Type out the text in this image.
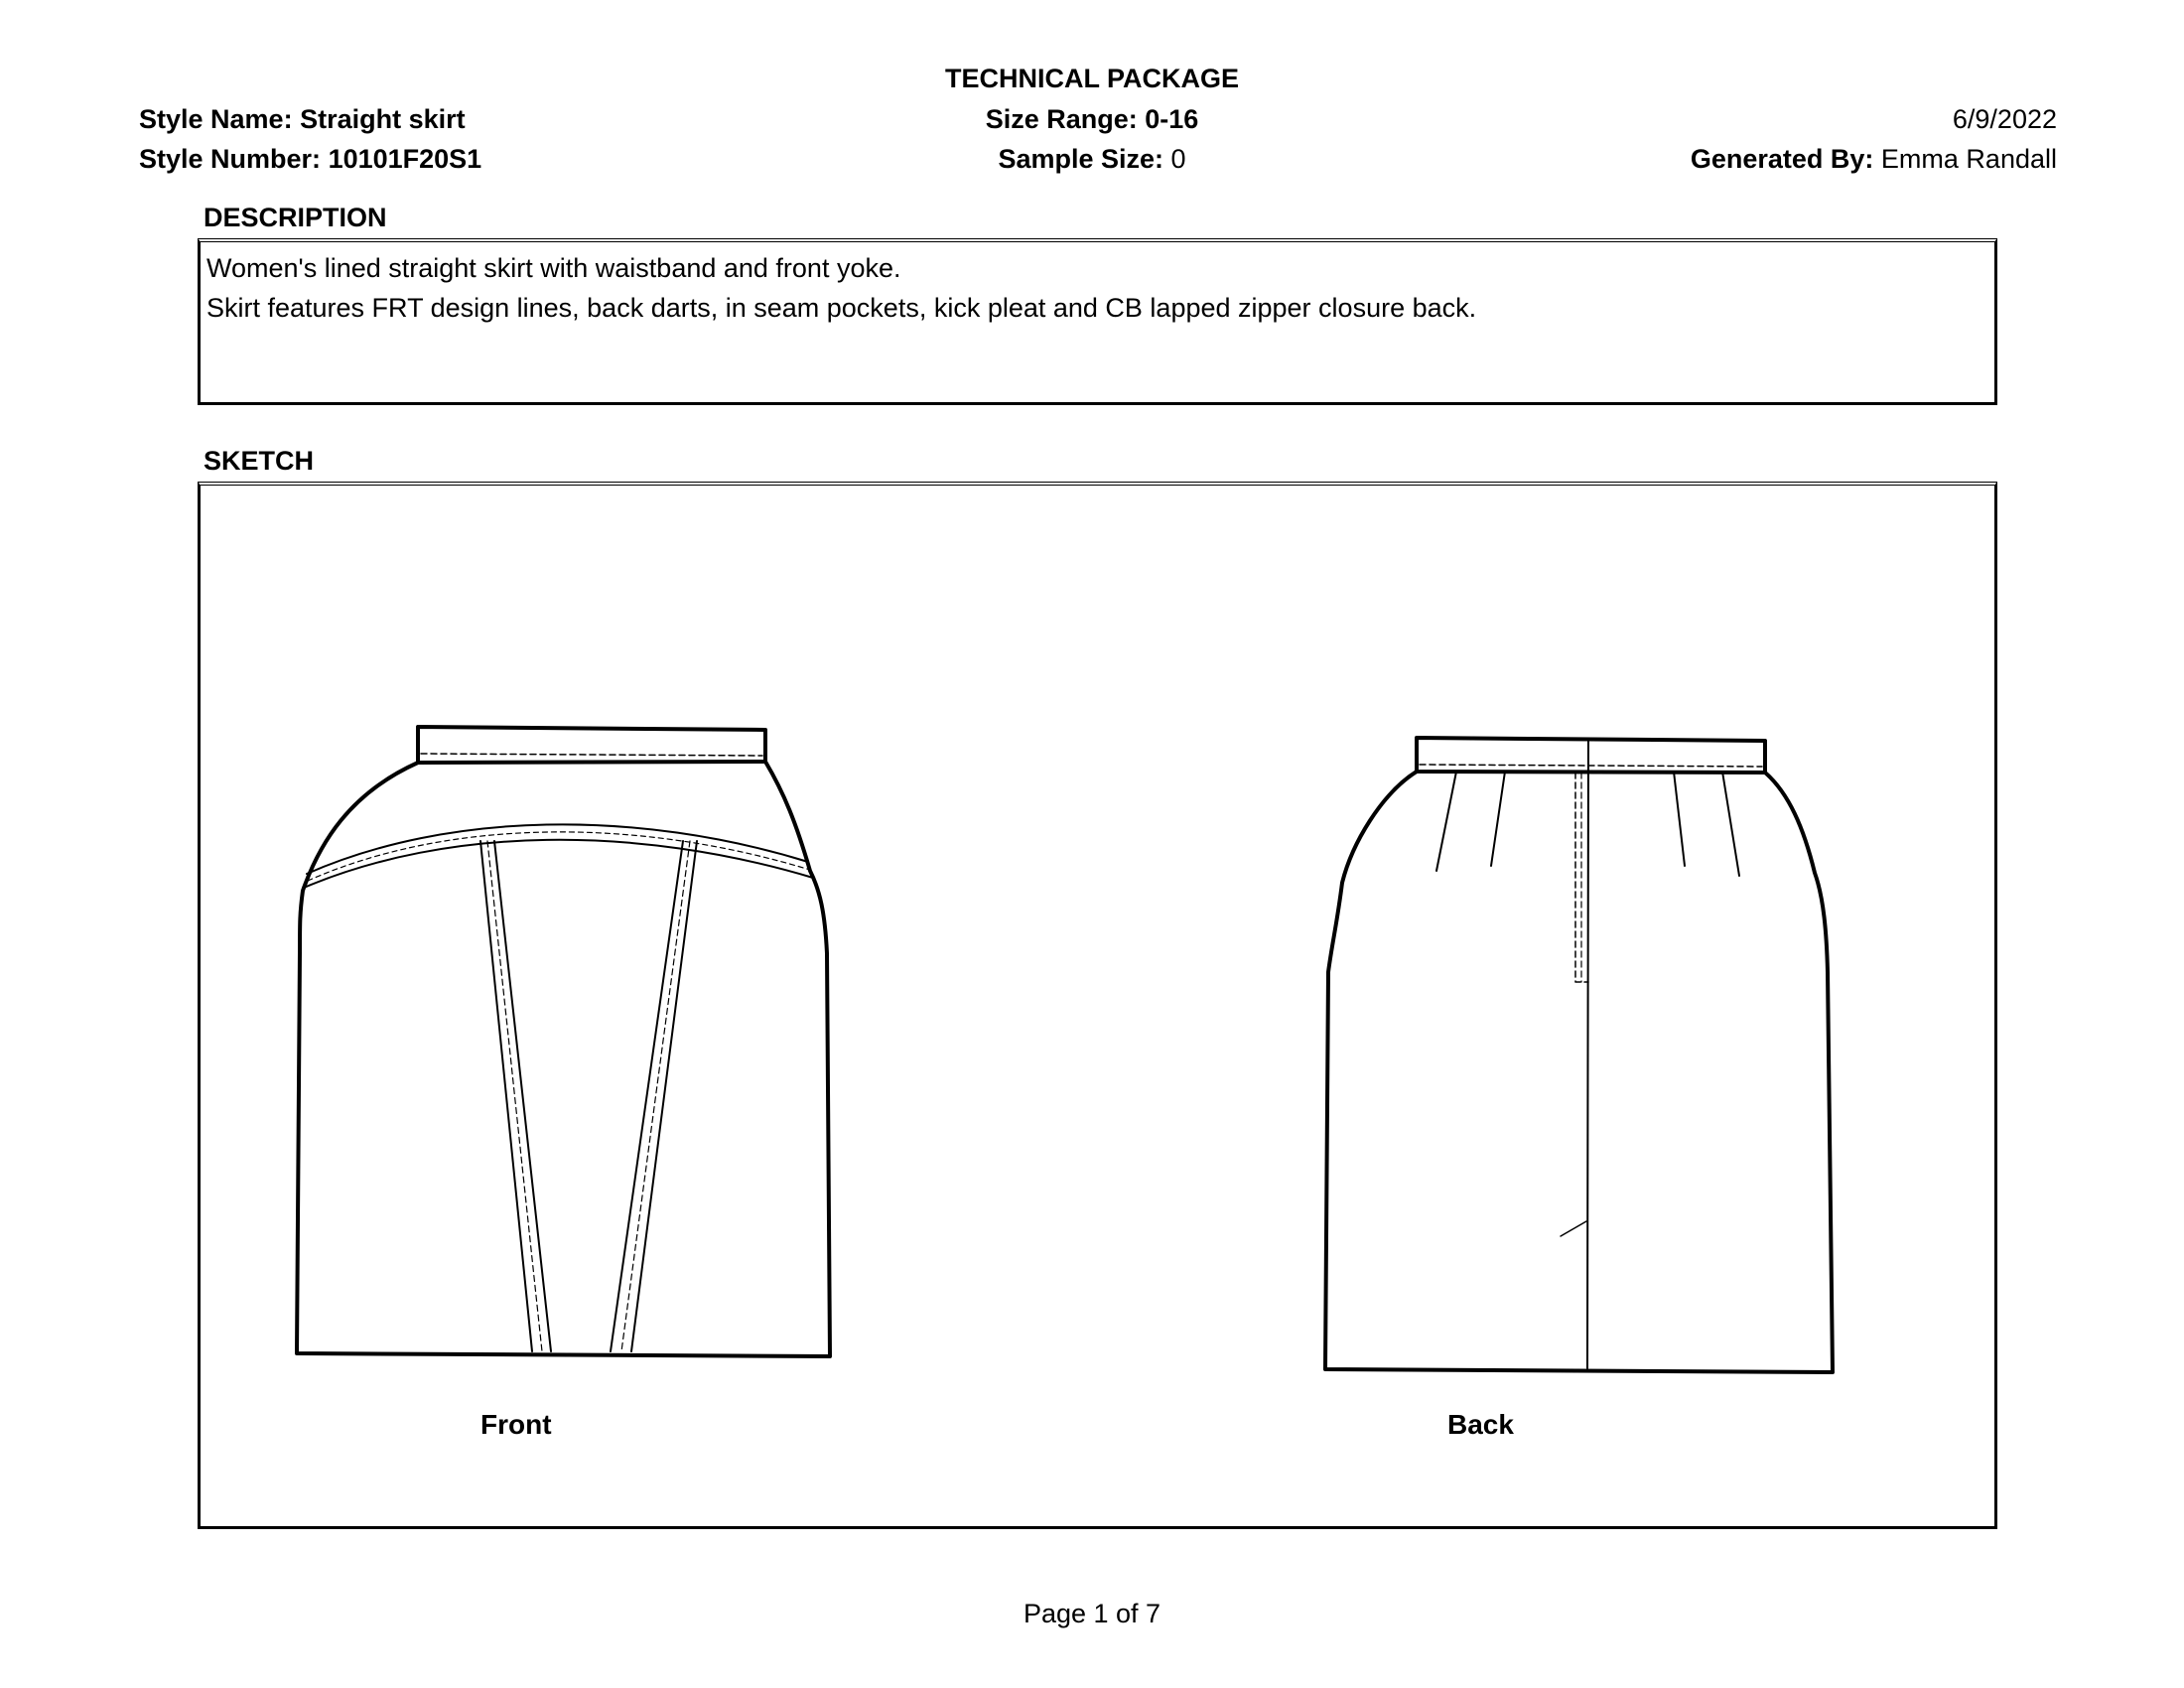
TECHNICAL PACKAGE
Style Name: Straight skirt
Style Number: 10101F20S1
Size Range: 0-16
Sample Size: 0
6/9/2022
Generated By: Emma Randall
DESCRIPTION
Women's lined straight skirt with waistband and front yoke.
Skirt features FRT design lines, back darts, in seam pockets, kick pleat and CB lapped zipper closure back.
SKETCH
Front	Back
Page 1 of 7
